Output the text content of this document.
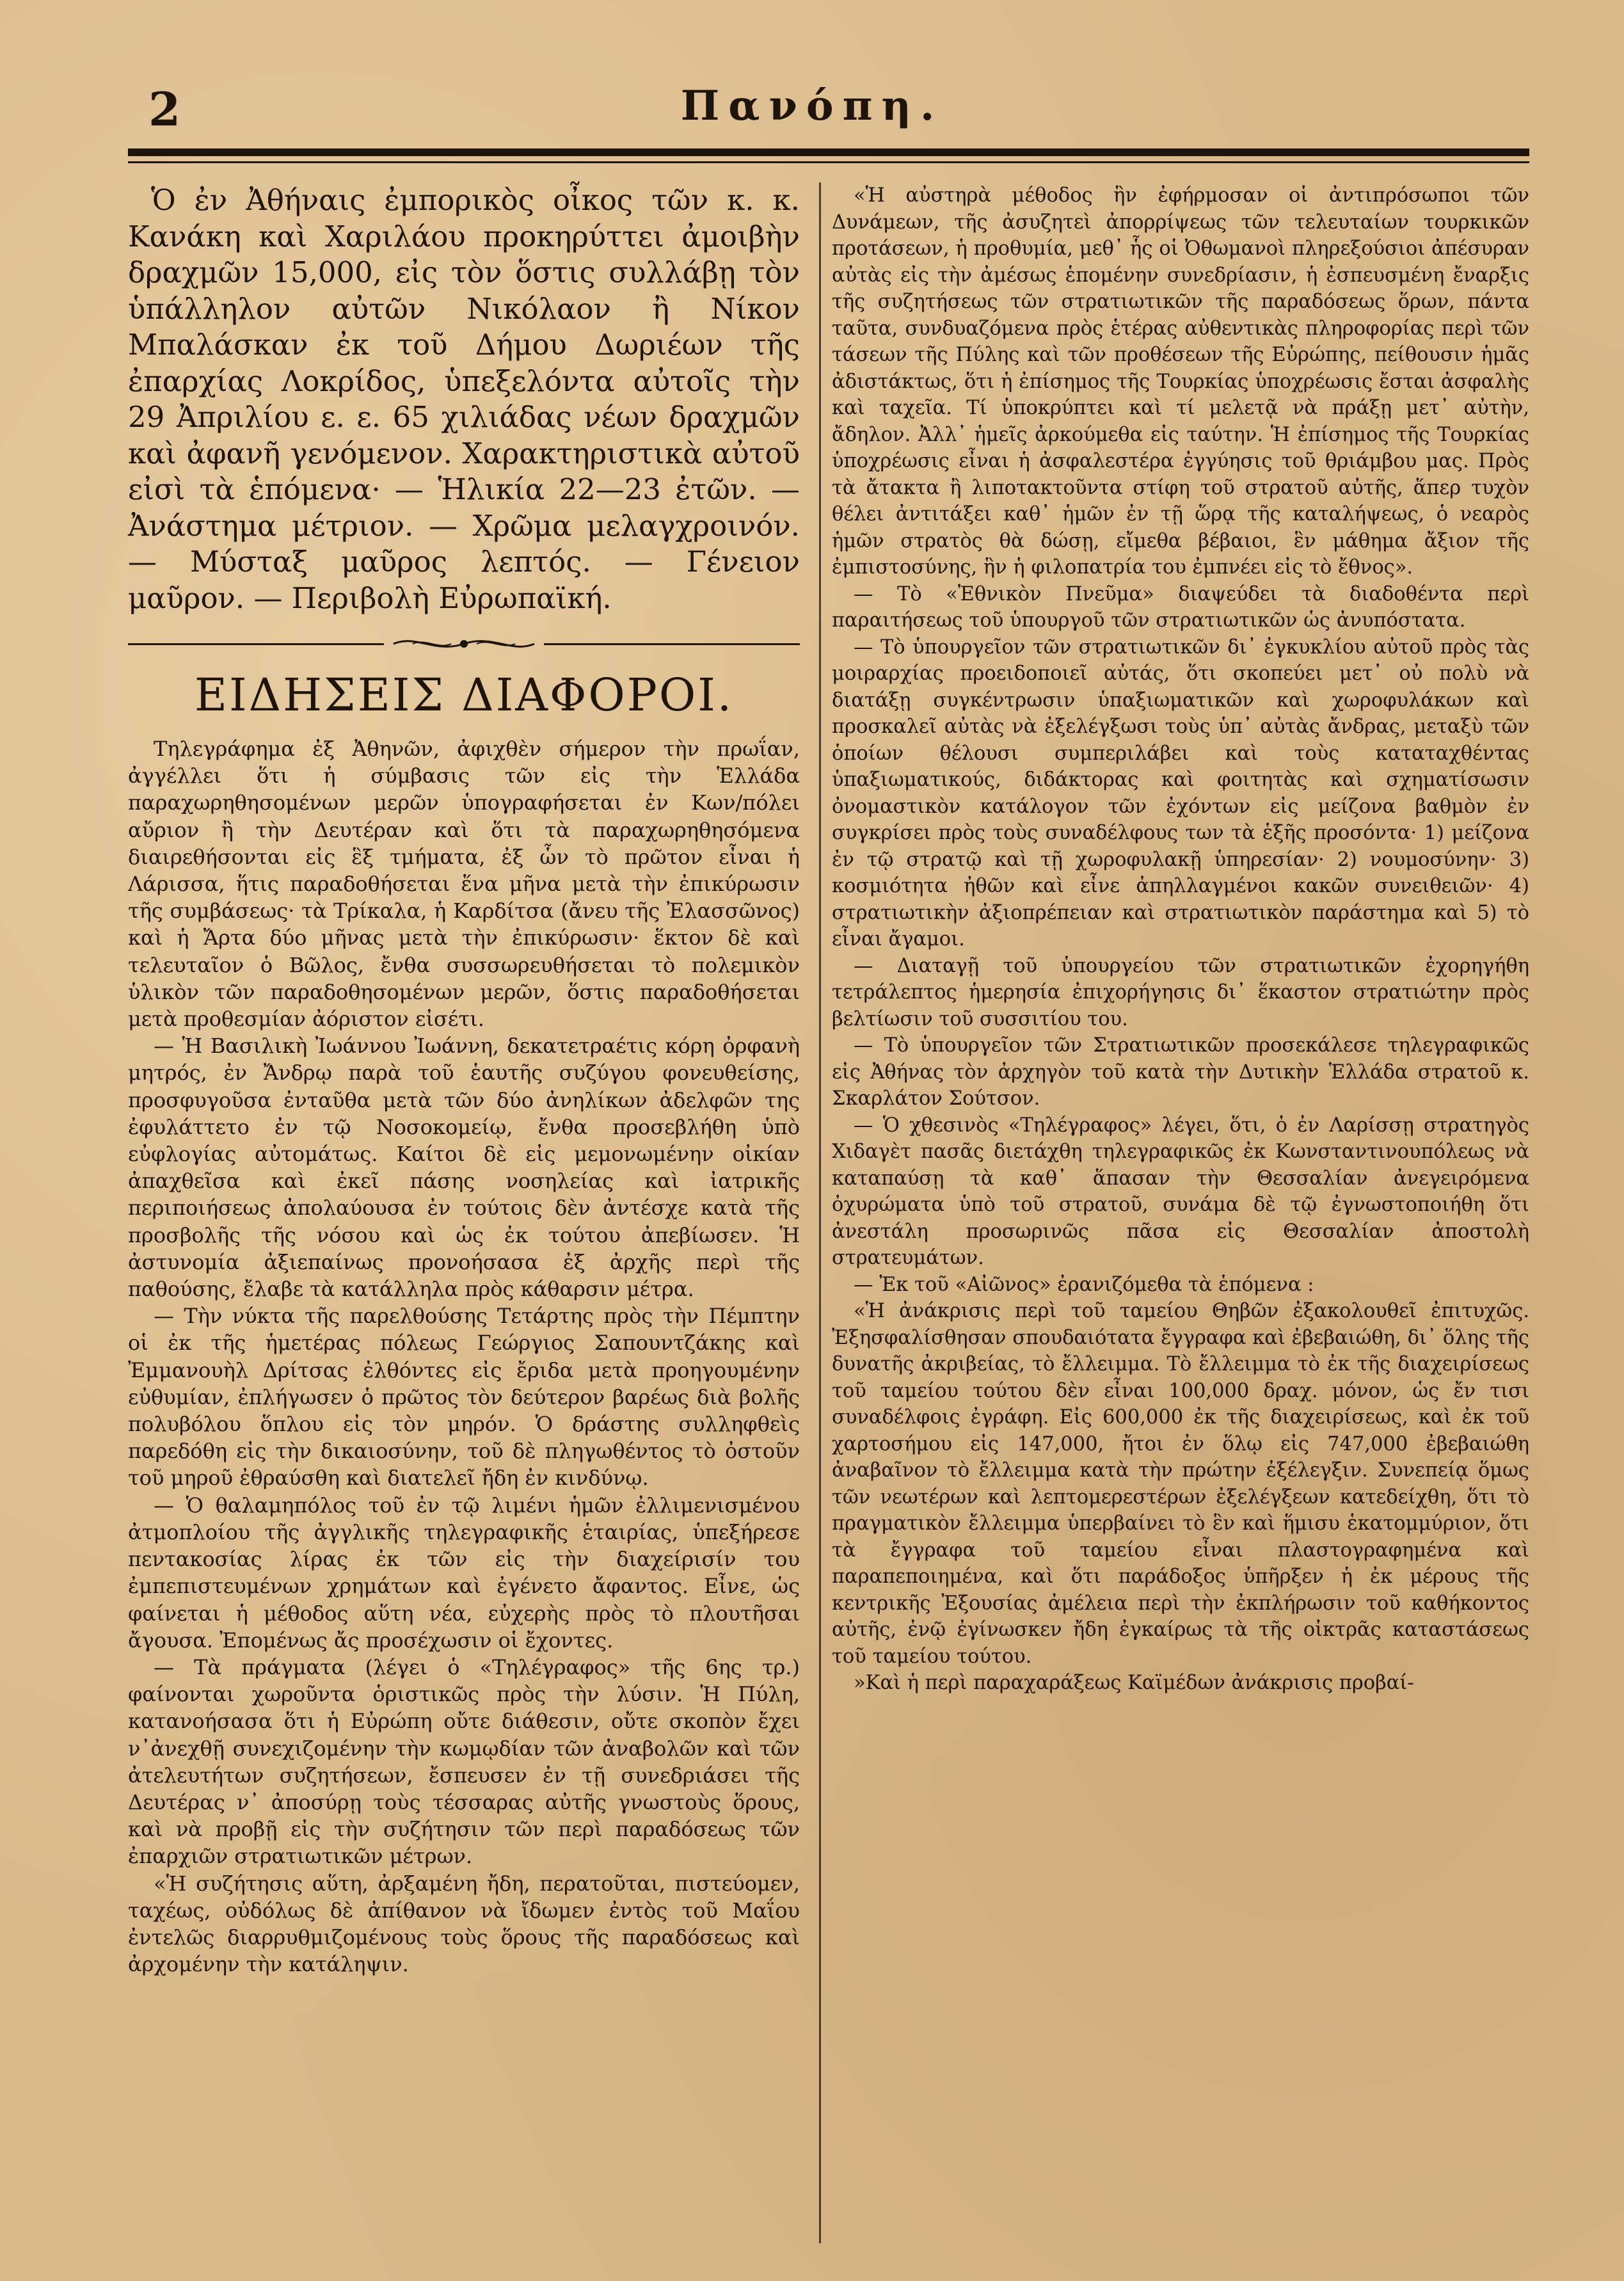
2	Πανόπη.

Ὁ ἐν Ἀθήναις ἐμπορικὸς οἶκος τῶν κ. κ. Κανάκη καὶ Χαριλάου προκηρύττει ἀμοιβὴν δραχμῶν 15,000, εἰς τὸν ὅστις συλλάβῃ τὸν ὑπάλληλον αὐτῶν Νικόλαον ἢ Νίκον Μπαλάσκαν ἐκ τοῦ Δήμου Δωριέων τῆς ἐπαρχίας Λοκρίδος, ὑπεξελόντα αὐτοῖς τὴν 29 Ἀπριλίου ε. ε. 65 χιλιάδας νέων δραχμῶν καὶ ἀφανῆ γενόμενον. Χαρακτηριστικὰ αὐτοῦ εἰσὶ τὰ ἑπόμενα· — Ἡλικία 22—23 ἐτῶν. — Ἀνάστημα μέτριον. — Χρῶμα μελαγχροινόν. — Μύσταξ μαῦρος λεπτός. — Γένειον μαῦρον. — Περιβολὴ Εὐρωπαϊκή.

ΕΙΔΗΣΕΙΣ ΔΙΑΦΟΡΟΙ.

Τηλεγράφημα ἐξ Ἀθηνῶν, ἀφιχθὲν σήμερον τὴν πρωΐαν, ἀγγέλλει ὅτι ἡ σύμβασις τῶν εἰς τὴν Ἑλλάδα παραχωρηθησομένων μερῶν ὑπογραφήσεται ἐν Κων/πόλει αὔριον ἢ τὴν Δευτέραν καὶ ὅτι τὰ παραχωρηθησόμενα διαιρεθήσονται εἰς ἓξ τμήματα, ἐξ ὧν τὸ πρῶτον εἶναι ἡ Λάρισσα, ἥτις παραδοθήσεται ἕνα μῆνα μετὰ τὴν ἐπικύρωσιν τῆς συμβάσεως· τὰ Τρίκαλα, ἡ Καρδίτσα (ἄνευ τῆς Ἐλασσῶνος) καὶ ἡ Ἄρτα δύο μῆνας μετὰ τὴν ἐπικύρωσιν· ἕκτον δὲ καὶ τελευταῖον ὁ Βῶλος, ἔνθα συσσωρευθήσεται τὸ πολεμικὸν ὑλικὸν τῶν παραδοθησομένων μερῶν, ὅστις παραδοθήσεται μετὰ προθεσμίαν ἀόριστον εἰσέτι.

— Ἡ Βασιλικὴ Ἰωάννου Ἰωάννη, δεκατετραέτις κόρη ὀρφανὴ μητρός, ἐν Ἄνδρῳ παρὰ τοῦ ἑαυτῆς συζύγου φονευθείσης, προσφυγοῦσα ἐνταῦθα μετὰ τῶν δύο ἀνηλίκων ἀδελφῶν της ἐφυλάττετο ἐν τῷ Νοσοκομείῳ, ἔνθα προσεβλήθη ὑπὸ εὐφλογίας αὐτομάτως. Καίτοι δὲ εἰς μεμονωμένην οἰκίαν ἀπαχθεῖσα καὶ ἐκεῖ πάσης νοσηλείας καὶ ἰατρικῆς περιποιήσεως ἀπολαύουσα ἐν τούτοις δὲν ἀντέσχε κατὰ τῆς προσβολῆς τῆς νόσου καὶ ὡς ἐκ τούτου ἀπεβίωσεν. Ἡ ἀστυνομία ἀξιεπαίνως προνοήσασα ἐξ ἀρχῆς περὶ τῆς παθούσης, ἔλαβε τὰ κατάλληλα πρὸς κάθαρσιν μέτρα.

— Τὴν νύκτα τῆς παρελθούσης Τετάρτης πρὸς τὴν Πέμπτην οἱ ἐκ τῆς ἡμετέρας πόλεως Γεώργιος Σαπουντζάκης καὶ Ἐμμανουὴλ Δρίτσας ἐλθόντες εἰς ἔριδα μετὰ προηγουμένην εὐθυμίαν, ἐπλήγωσεν ὁ πρῶτος τὸν δεύτερον βαρέως διὰ βολῆς πολυβόλου ὅπλου εἰς τὸν μηρόν. Ὁ δράστης συλληφθεὶς παρεδόθη εἰς τὴν δικαιοσύνην, τοῦ δὲ πληγωθέντος τὸ ὀστοῦν τοῦ μηροῦ ἐθραύσθη καὶ διατελεῖ ἤδη ἐν κινδύνῳ.

— Ὁ θαλαμηπόλος τοῦ ἐν τῷ λιμένι ἡμῶν ἐλλιμενισμένου ἀτμοπλοίου τῆς ἀγγλικῆς τηλεγραφικῆς ἑταιρίας, ὑπεξήρεσε πεντακοσίας λίρας ἐκ τῶν εἰς τὴν διαχείρισίν του ἐμπεπιστευμένων χρημάτων καὶ ἐγένετο ἄφαντος. Εἶνε, ὡς φαίνεται ἡ μέθοδος αὕτη νέα, εὐχερὴς πρὸς τὸ πλουτῆσαι ἄγουσα. Ἐπομένως ἄς προσέχωσιν οἱ ἔχοντες.

— Τὰ πράγματα (λέγει ὁ «Τηλέγραφος» τῆς 6ης τρ.) φαίνονται χωροῦντα ὁριστικῶς πρὸς τὴν λύσιν. Ἡ Πύλη, κατανοήσασα ὅτι ἡ Εὐρώπη οὔτε διάθεσιν, οὔτε σκοπὸν ἔχει ν᾽ἀνεχθῇ συνεχιζομένην τὴν κωμῳδίαν τῶν ἀναβολῶν καὶ τῶν ἀτελευτήτων συζητήσεων, ἔσπευσεν ἐν τῇ συνεδριάσει τῆς Δευτέρας ν᾽ ἀποσύρῃ τοὺς τέσσαρας αὐτῆς γνωστοὺς ὅρους, καὶ νὰ προβῇ εἰς τὴν συζήτησιν τῶν περὶ παραδόσεως τῶν ἐπαρχιῶν στρατιωτικῶν μέτρων.

«Ἡ συζήτησις αὕτη, ἀρξαμένη ἤδη, περατοῦται, πιστεύομεν, ταχέως, οὐδόλως δὲ ἀπίθανον νὰ ἴδωμεν ἐντὸς τοῦ Μαΐου ἐντελῶς διαρρυθμιζομένους τοὺς ὅρους τῆς παραδόσεως καὶ ἀρχομένην τὴν κατάληψιν.

«Ἡ αὐστηρὰ μέθοδος ἣν ἐφήρμοσαν οἱ ἀντιπρόσωποι τῶν Δυνάμεων, τῆς ἀσυζητεὶ ἀπορρίψεως τῶν τελευταίων τουρκικῶν προτάσεων, ἡ προθυμία, μεθ᾽ ἧς οἱ Ὀθωμανοὶ πληρεξούσιοι ἀπέσυραν αὐτὰς εἰς τὴν ἀμέσως ἑπομένην συνεδρίασιν, ἡ ἐσπευσμένη ἔναρξις τῆς συζητήσεως τῶν στρατιωτικῶν τῆς παραδόσεως ὅρων, πάντα ταῦτα, συνδυαζόμενα πρὸς ἑτέρας αὐθεντικὰς πληροφορίας περὶ τῶν τάσεων τῆς Πύλης καὶ τῶν προθέσεων τῆς Εὐρώπης, πείθουσιν ἡμᾶς ἀδιστάκτως, ὅτι ἡ ἐπίσημος τῆς Τουρκίας ὑποχρέωσις ἔσται ἀσφαλὴς καὶ ταχεῖα. Τί ὑποκρύπτει καὶ τί μελετᾷ νὰ πράξῃ μετ᾽ αὐτὴν, ἄδηλον. Ἀλλ᾽ ἡμεῖς ἀρκούμεθα εἰς ταύτην. Ἡ ἐπίσημος τῆς Τουρκίας ὑποχρέωσις εἶναι ἡ ἀσφαλεστέρα ἐγγύησις τοῦ θριάμβου μας. Πρὸς τὰ ἄτακτα ἢ λιποτακτοῦντα στίφη τοῦ στρατοῦ αὐτῆς, ἅπερ τυχὸν θέλει ἀντιτάξει καθ᾽ ἡμῶν ἐν τῇ ὥρᾳ τῆς καταλήψεως, ὁ νεαρὸς ἡμῶν στρατὸς θὰ δώσῃ, εἴμεθα βέβαιοι, ἓν μάθημα ἄξιον τῆς ἐμπιστοσύνης, ἣν ἡ φιλοπατρία του ἐμπνέει εἰς τὸ ἔθνος».

— Τὸ «Ἐθνικὸν Πνεῦμα» διαψεύδει τὰ διαδοθέντα περὶ παραιτήσεως τοῦ ὑπουργοῦ τῶν στρατιωτικῶν ὡς ἀνυπόστατα.

— Τὸ ὑπουργεῖον τῶν στρατιωτικῶν δι᾽ ἐγκυκλίου αὐτοῦ πρὸς τὰς μοιραρχίας προειδοποιεῖ αὐτάς, ὅτι σκοπεύει μετ᾽ οὐ πολὺ νὰ διατάξῃ συγκέντρωσιν ὑπαξιωματικῶν καὶ χωροφυλάκων καὶ προσκαλεῖ αὐτὰς νὰ ἐξελέγξωσι τοὺς ὑπ᾽ αὐτὰς ἄνδρας, μεταξὺ τῶν ὁποίων θέλουσι συμπεριλάβει καὶ τοὺς καταταχθέντας ὑπαξιωματικούς, διδάκτορας καὶ φοιτητὰς καὶ σχηματίσωσιν ὀνομαστικὸν κατάλογον τῶν ἐχόντων εἰς μείζονα βαθμὸν ἐν συγκρίσει πρὸς τοὺς συναδέλφους των τὰ ἑξῆς προσόντα· 1) μείζονα ἐν τῷ στρατῷ καὶ τῇ χωροφυλακῇ ὑπηρεσίαν· 2) νουμοσύνην· 3) κοσμιότητα ἠθῶν καὶ εἶνε ἀπηλλαγμένοι κακῶν συνειθειῶν· 4) στρατιωτικὴν ἀξιοπρέπειαν καὶ στρατιωτικὸν παράστημα καὶ 5) τὸ εἶναι ἄγαμοι.

— Διαταγῇ τοῦ ὑπουργείου τῶν στρατιωτικῶν ἐχορηγήθη τετράλεπτος ἡμερησία ἐπιχορήγησις δι᾽ ἕκαστον στρατιώτην πρὸς βελτίωσιν τοῦ συσσιτίου του.

— Τὸ ὑπουργεῖον τῶν Στρατιωτικῶν προσεκάλεσε τηλεγραφικῶς εἰς Ἀθήνας τὸν ἀρχηγὸν τοῦ κατὰ τὴν Δυτικὴν Ἑλλάδα στρατοῦ κ. Σκαρλάτον Σούτσον.

— Ὁ χθεσινὸς «Τηλέγραφος» λέγει, ὅτι, ὁ ἐν Λαρίσσῃ στρατηγὸς Χιδαγὲτ πασᾶς διετάχθη τηλεγραφικῶς ἐκ Κωνσταντινουπόλεως νὰ καταπαύσῃ τὰ καθ᾽ ἅπασαν τὴν Θεσσαλίαν ἀνεγειρόμενα ὀχυρώματα ὑπὸ τοῦ στρατοῦ, συνάμα δὲ τῷ ἐγνωστοποιήθη ὅτι ἀνεστάλη προσωρινῶς πᾶσα εἰς Θεσσαλίαν ἀποστολὴ στρατευμάτων.

— Ἐκ τοῦ «Αἰῶνος» ἐρανιζόμεθα τὰ ἑπόμενα :

«Ἡ ἀνάκρισις περὶ τοῦ ταμείου Θηβῶν ἐξακολουθεῖ ἐπιτυχῶς. Ἐξησφαλίσθησαν σπουδαιότατα ἔγγραφα καὶ ἐβεβαιώθη, δι᾽ ὅλης τῆς δυνατῆς ἀκριβείας, τὸ ἔλλειμμα. Τὸ ἔλλειμμα τὸ ἐκ τῆς διαχειρίσεως τοῦ ταμείου τούτου δὲν εἶναι 100,000 δραχ. μόνον, ὡς ἔν τισι συναδέλφοις ἐγράφη. Εἰς 600,000 ἐκ τῆς διαχειρίσεως, καὶ ἐκ τοῦ χαρτοσήμου εἰς 147,000, ἤτοι ἐν ὅλῳ εἰς 747,000 ἐβεβαιώθη ἀναβαῖνον τὸ ἔλλειμμα κατὰ τὴν πρώτην ἐξέλεγξιν. Συνεπείᾳ ὅμως τῶν νεωτέρων καὶ λεπτομερεστέρων ἐξελέγξεων κατεδείχθη, ὅτι τὸ πραγματικὸν ἔλλειμμα ὑπερβαίνει τὸ ἓν καὶ ἥμισυ ἑκατομμύριον, ὅτι τὰ ἔγγραφα τοῦ ταμείου εἶναι πλαστογραφημένα καὶ παραπεποιημένα, καὶ ὅτι παράδοξος ὑπῆρξεν ἡ ἐκ μέρους τῆς κεντρικῆς Ἐξουσίας ἀμέλεια περὶ τὴν ἐκπλήρωσιν τοῦ καθήκοντος αὐτῆς, ἐνῷ ἐγίνωσκεν ἤδη ἐγκαίρως τὰ τῆς οἰκτρᾶς καταστάσεως τοῦ ταμείου τούτου.

»Καὶ ἡ περὶ παραχαράξεως Καϊμέδων ἀνάκρισις προβαί-
